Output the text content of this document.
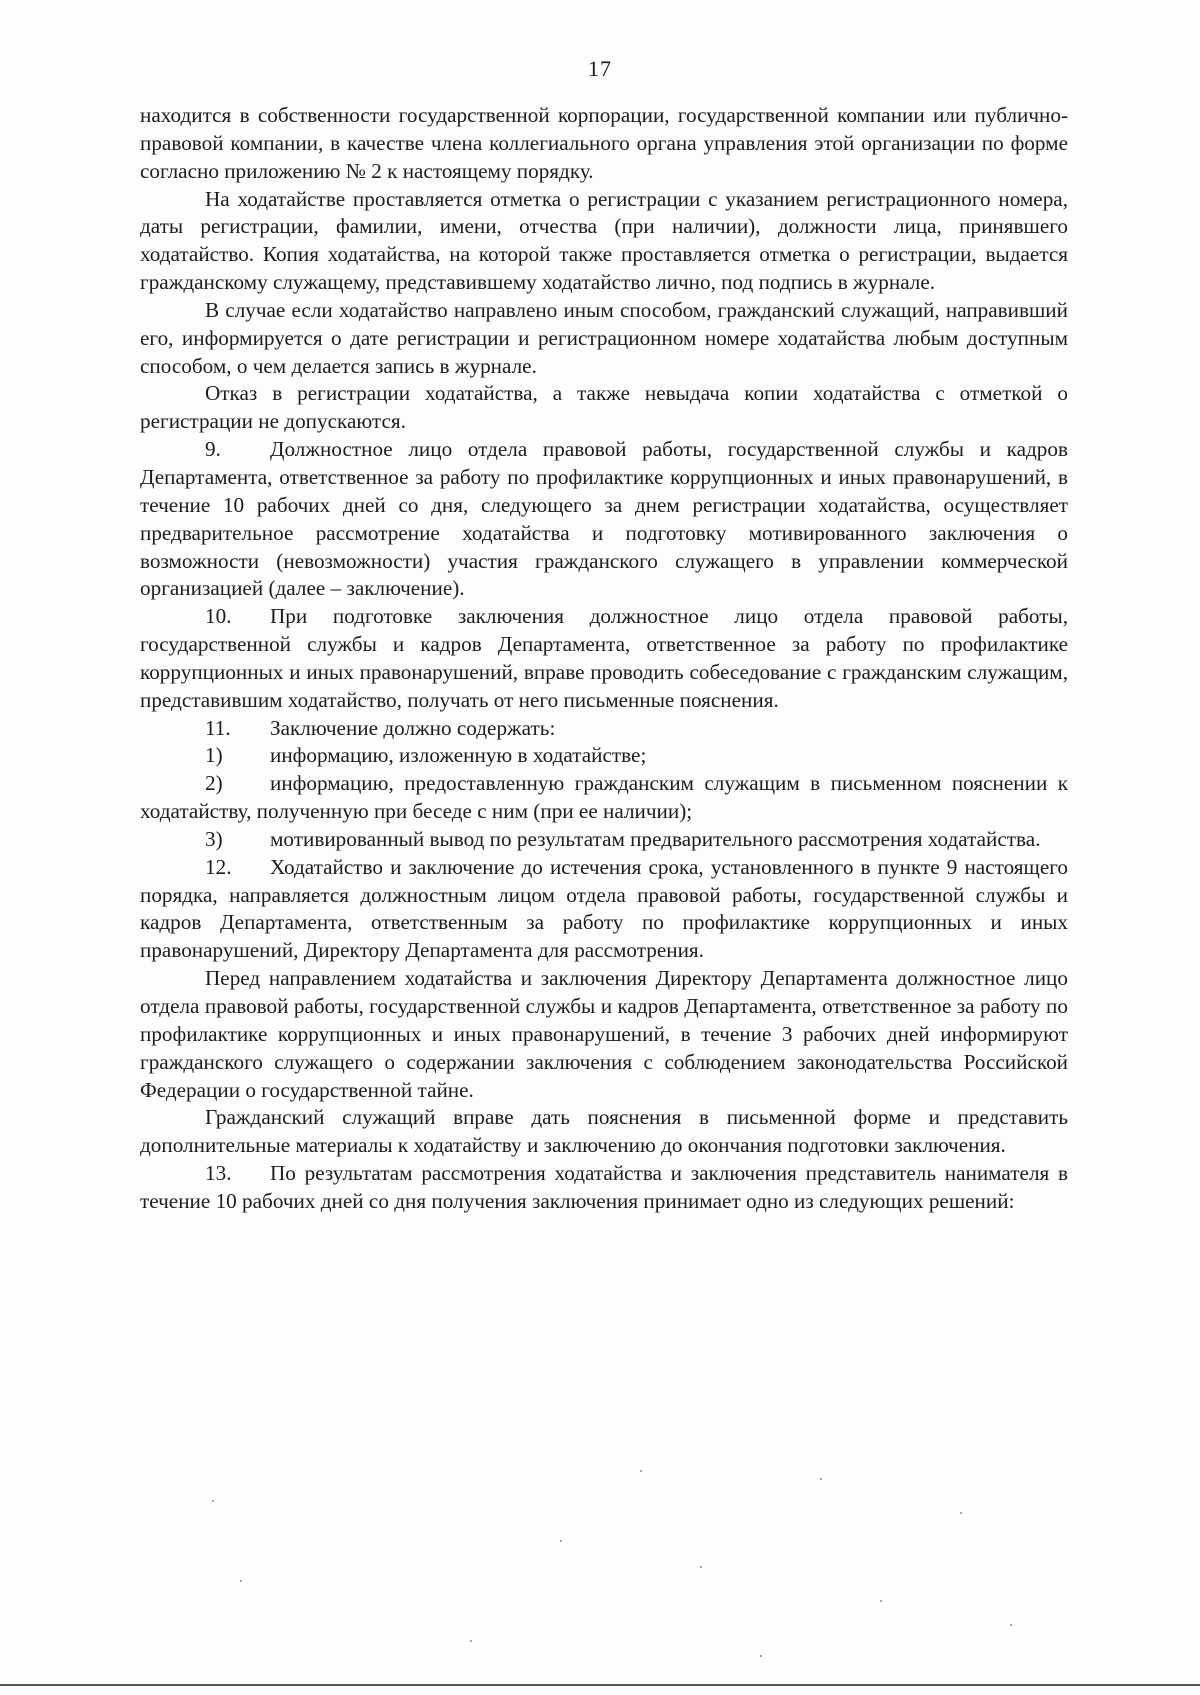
17

находится в собственности государственной корпорации, государственной компании или публично-правовой компании, в качестве члена коллегиального органа управления этой организации по форме согласно приложению № 2 к настоящему порядку.

На ходатайстве проставляется отметка о регистрации с указанием регистрационного номера, даты регистрации, фамилии, имени, отчества (при наличии), должности лица, принявшего ходатайство. Копия ходатайства, на которой также проставляется отметка о регистрации, выдается гражданскому служащему, представившему ходатайство лично, под подпись в журнале.

В случае если ходатайство направлено иным способом, гражданский служащий, направивший его, информируется о дате регистрации и регистрационном номере ходатайства любым доступным способом, о чем делается запись в журнале.

Отказ в регистрации ходатайства, а также невыдача копии ходатайства с отметкой о регистрации не допускаются.

9. Должностное лицо отдела правовой работы, государственной службы и кадров Департамента, ответственное за работу по профилактике коррупционных и иных правонарушений, в течение 10 рабочих дней со дня, следующего за днем регистрации ходатайства, осуществляет предварительное рассмотрение ходатайства и подготовку мотивированного заключения о возможности (невозможности) участия гражданского служащего в управлении коммерческой организацией (далее – заключение).

10. При подготовке заключения должностное лицо отдела правовой работы, государственной службы и кадров Департамента, ответственное за работу по профилактике коррупционных и иных правонарушений, вправе проводить собеседование с гражданским служащим, представившим ходатайство, получать от него письменные пояснения.

11. Заключение должно содержать:

1) информацию, изложенную в ходатайстве;

2) информацию, предоставленную гражданским служащим в письменном пояснении к ходатайству, полученную при беседе с ним (при ее наличии);

3) мотивированный вывод по результатам предварительного рассмотрения ходатайства.

12. Ходатайство и заключение до истечения срока, установленного в пункте 9 настоящего порядка, направляется должностным лицом отдела правовой работы, государственной службы и кадров Департамента, ответственным за работу по профилактике коррупционных и иных правонарушений, Директору Департамента для рассмотрения.

Перед направлением ходатайства и заключения Директору Департамента должностное лицо отдела правовой работы, государственной службы и кадров Департамента, ответственное за работу по профилактике коррупционных и иных правонарушений, в течение 3 рабочих дней информируют гражданского служащего о содержании заключения с соблюдением законодательства Российской Федерации о государственной тайне.

Гражданский служащий вправе дать пояснения в письменной форме и представить дополнительные материалы к ходатайству и заключению до окончания подготовки заключения.

13. По результатам рассмотрения ходатайства и заключения представитель нанимателя в течение 10 рабочих дней со дня получения заключения принимает одно из следующих решений:
